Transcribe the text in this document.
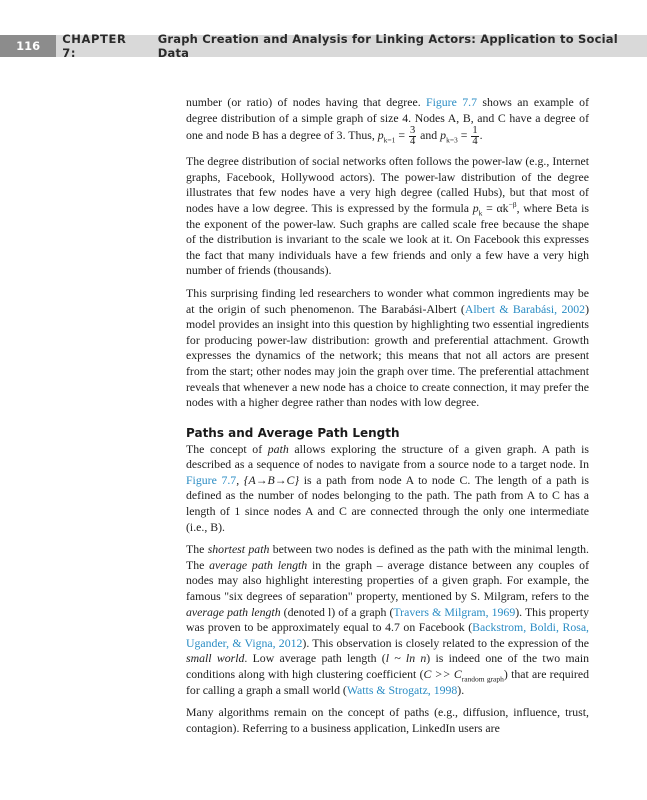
116	CHAPTER 7:
Graph Creation and Analysis for Linking Actors: Application to Social Data

number (or ratio) of nodes having that degree. Figure 7.7 shows an example of degree distribution of a simple graph of size 4. Nodes A, B, and C have a degree of one and node B has a degree of 3. Thus, $p_{k=1} = \frac{3}{4}$ and $p_{k=3} = \frac{1}{4}$ .

The degree distribution of social networks often follows the power-law (e.g., Internet graphs, Facebook, Hollywood actors). The power-law distribution of the degree illustrates that few nodes have a very high degree (called Hubs), but that most of nodes have a low degree. This is expressed by the formula $p_k = \alpha k^{-\beta}$, where Beta is the exponent of the power-law. Such graphs are called scale free because the shape of the distribution is invariant to the scale we look at it. On Facebook this expresses the fact that many individuals have a few friends and only a few have a very high number of friends (thousands).

This surprising finding led researchers to wonder what common ingredients may be at the origin of such phenomenon. The Barabási-Albert (Albert & Barabási, 2002) model provides an insight into this question by highlighting two essential ingredients for producing power-law distribution: growth and preferential attachment. Growth expresses the dynamics of the network; this means that not all actors are present from the start; other nodes may join the graph over time. The preferential attachment reveals that whenever a new node has a choice to create connection, it may prefer the nodes with a higher degree rather than nodes with low degree.

Paths and Average Path Length

The concept of path allows exploring the structure of a given graph. A path is described as a sequence of nodes to navigate from a source node to a target node. In Figure 7.7, {A→B→C} is a path from node A to node C. The length of a path is defined as the number of nodes belonging to the path. The path from A to C has a length of 1 since nodes A and C are connected through the only one intermediate (i.e., B).

The shortest path between two nodes is defined as the path with the minimal length. The average path length in the graph – average distance between any couples of nodes may also highlight interesting properties of a given graph. For example, the famous "six degrees of separation" property, mentioned by S. Milgram, refers to the average path length (denoted l) of a graph (Travers & Milgram, 1969). This property was proven to be approximately equal to 4.7 on Facebook (Backstrom, Boldi, Rosa, Ugander, & Vigna, 2012). This observation is closely related to the expression of the small world. Low average path length (l ~ ln n) is indeed one of the two main conditions along with high clustering coefficient $(C >> C_{random graph})$ that are required for calling a graph a small world (Watts & Strogatz, 1998).

Many algorithms remain on the concept of paths (e.g., diffusion, influence, trust, contagion). Referring to a business application, LinkedIn users are
